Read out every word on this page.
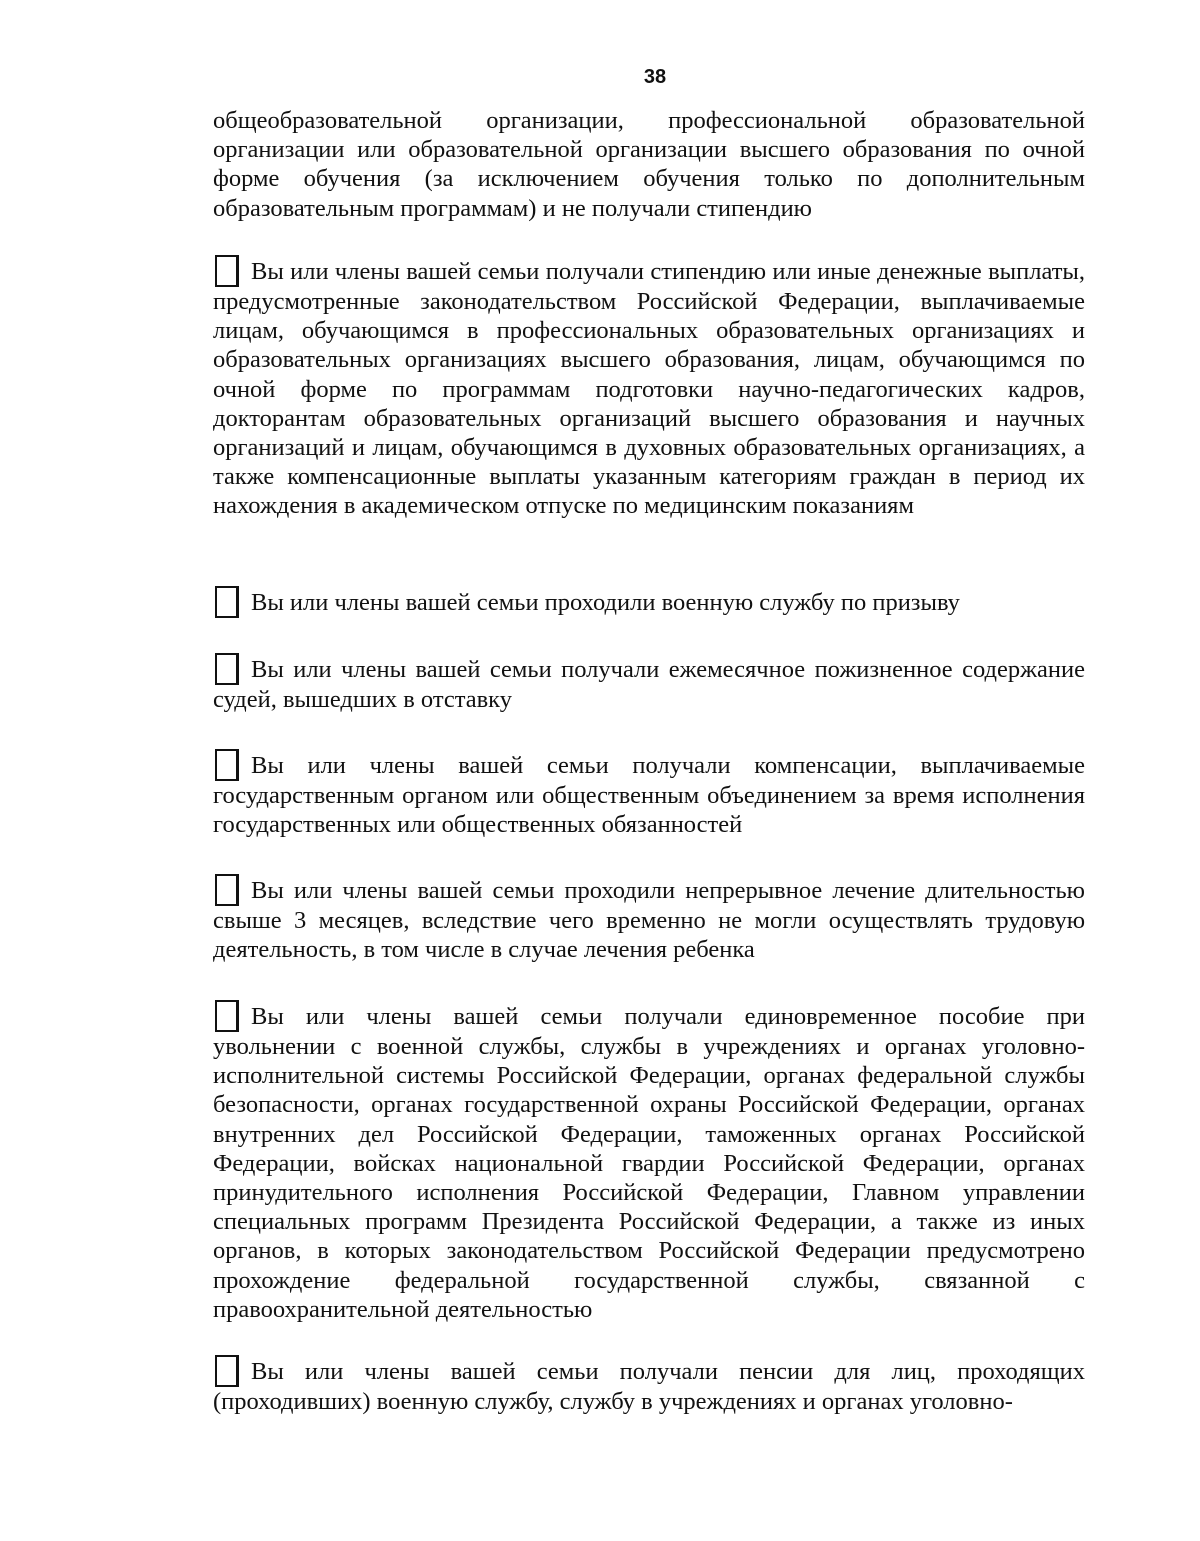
38

общеобразовательной организации, профессиональной образовательной организации или образовательной организации высшего образования по очной форме обучения (за исключением обучения только по дополнительным образовательным программам) и не получали стипендию

Вы или члены вашей семьи получали стипендию или иные денежные выплаты, предусмотренные законодательством Российской Федерации, выплачиваемые лицам, обучающимся в профессиональных образовательных организациях и образовательных организациях высшего образования, лицам, обучающимся по очной форме по программам подготовки научно-педагогических кадров, докторантам образовательных организаций высшего образования и научных организаций и лицам, обучающимся в духовных образовательных организациях, а также компенсационные выплаты указанным категориям граждан в период их нахождения в академическом отпуске по медицинским показаниям

Вы или члены вашей семьи проходили военную службу по призыву

Вы или члены вашей семьи получали ежемесячное пожизненное содержание судей, вышедших в отставку

Вы или члены вашей семьи получали компенсации, выплачиваемые государственным органом или общественным объединением за время исполнения государственных или общественных обязанностей

Вы или члены вашей семьи проходили непрерывное лечение длительностью свыше 3 месяцев, вследствие чего временно не могли осуществлять трудовую деятельность, в том числе в случае лечения ребенка

Вы или члены вашей семьи получали единовременное пособие при увольнении с военной службы, службы в учреждениях и органах уголовно-исполнительной системы Российской Федерации, органах федеральной службы безопасности, органах государственной охраны Российской Федерации, органах внутренних дел Российской Федерации, таможенных органах Российской Федерации, войсках национальной гвардии Российской Федерации, органах принудительного исполнения Российской Федерации, Главном управлении специальных программ Президента Российской Федерации, а также из иных органов, в которых законодательством Российской Федерации предусмотрено прохождение федеральной государственной службы, связанной с правоохранительной деятельностью

Вы или члены вашей семьи получали пенсии для лиц, проходящих (проходивших) военную службу, службу в учреждениях и органах уголовно-
